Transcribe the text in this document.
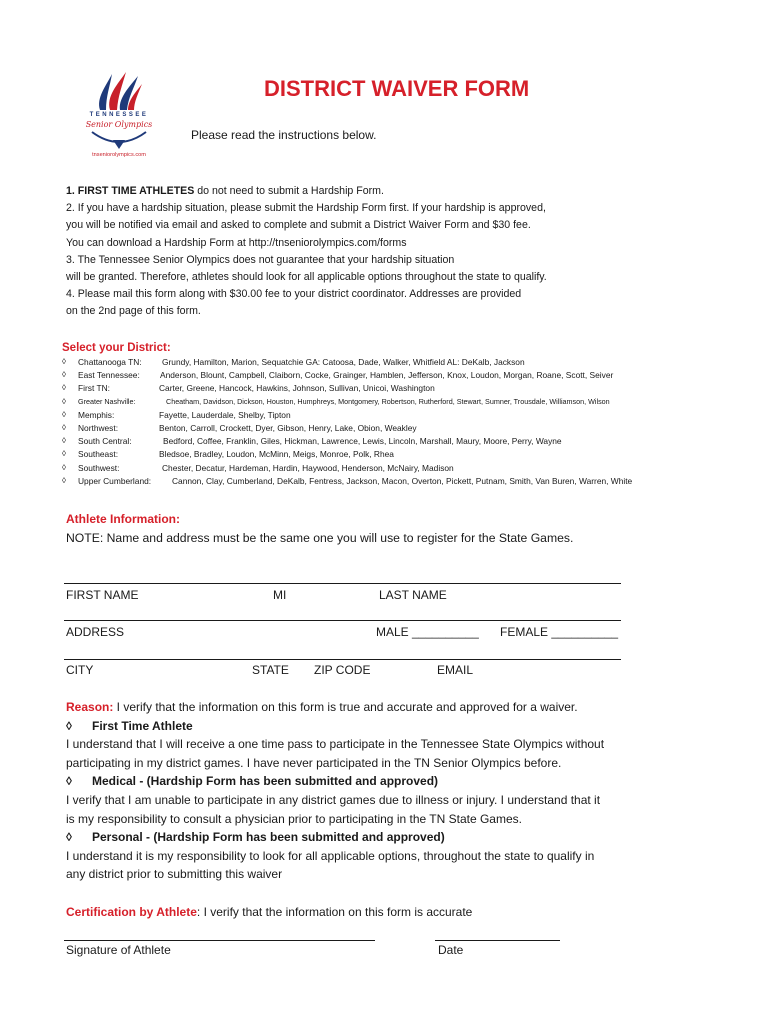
TENNESSEE
Senior Olympics
tnseniorolympics.com
DISTRICT WAIVER FORM
Please read the instructions below.
1. FIRST TIME ATHLETES do not need to submit a Hardship Form.
2. If you have a hardship situation, please submit the Hardship Form first. If your hardship is approved,
you will be notified via email and asked to complete and submit a District Waiver Form and $30 fee.
You can download a Hardship Form at http://tnseniorolympics.com/forms
3. The Tennessee Senior Olympics does not guarantee that your hardship situation
will be granted. Therefore, athletes should look for all applicable options throughout the state to qualify.
4. Please mail this form along with $30.00 fee to your district coordinator. Addresses are provided
on the 2nd page of this form.
Select your District:
◊ Chattanooga TN: Grundy, Hamilton, Marion, Sequatchie GA: Catoosa, Dade, Walker, Whitfield AL: DeKalb, Jackson
◊ East Tennessee: Anderson, Blount, Campbell, Claiborn, Cocke, Grainger, Hamblen, Jefferson, Knox, Loudon, Morgan, Roane, Scott, Seiver
◊ First TN:	Carter, Greene, Hancock, Hawkins, Johnson, Sullivan, Unicoi, Washington
◊ Greater Nashville:	Cheatham, Davidson, Dickson, Houston, Humphreys, Montgomery, Robertson, Rutherford, Stewart, Sumner, Trousdale, Williamson, Wilson
◊ Memphis:	Fayette, Lauderdale, Shelby, Tipton
◊ Northwest:	Benton, Carroll, Crockett, Dyer, Gibson, Henry, Lake, Obion, Weakley
◊ South Central:	Bedford, Coffee, Franklin, Giles, Hickman, Lawrence, Lewis, Lincoln, Marshall, Maury, Moore, Perry, Wayne
◊ Southeast:	Bledsoe, Bradley, Loudon, McMinn, Meigs, Monroe, Polk, Rhea
◊ Southwest:	Chester, Decatur, Hardeman, Hardin, Haywood, Henderson, McNairy, Madison
◊ Upper Cumberland: Cannon, Clay, Cumberland, DeKalb, Fentress, Jackson, Macon, Overton, Pickett, Putnam, Smith, Van Buren, Warren, White
Athlete Information:
NOTE: Name and address must be the same one you will use to register for the State Games.
FIRST NAME	MI	LAST NAME
ADDRESS	MALE __________ FEMALE __________
CITY	STATE ZIP CODE	EMAIL
Reason: I verify that the information on this form is true and accurate and approved for a waiver.
◊ First Time Athlete
I understand that I will receive a one time pass to participate in the Tennessee State Olympics without
participating in my district games. I have never participated in the TN Senior Olympics before.
◊ Medical - (Hardship Form has been submitted and approved)
I verify that I am unable to participate in any district games due to illness or injury. I understand that it
is my responsibility to consult a physician prior to participating in the TN State Games.
◊ Personal - (Hardship Form has been submitted and approved)
I understand it is my responsibility to look for all applicable options, throughout the state to qualify in
any district prior to submitting this waiver
Certification by Athlete: I verify that the information on this form is accurate
Signature of Athlete	Date
